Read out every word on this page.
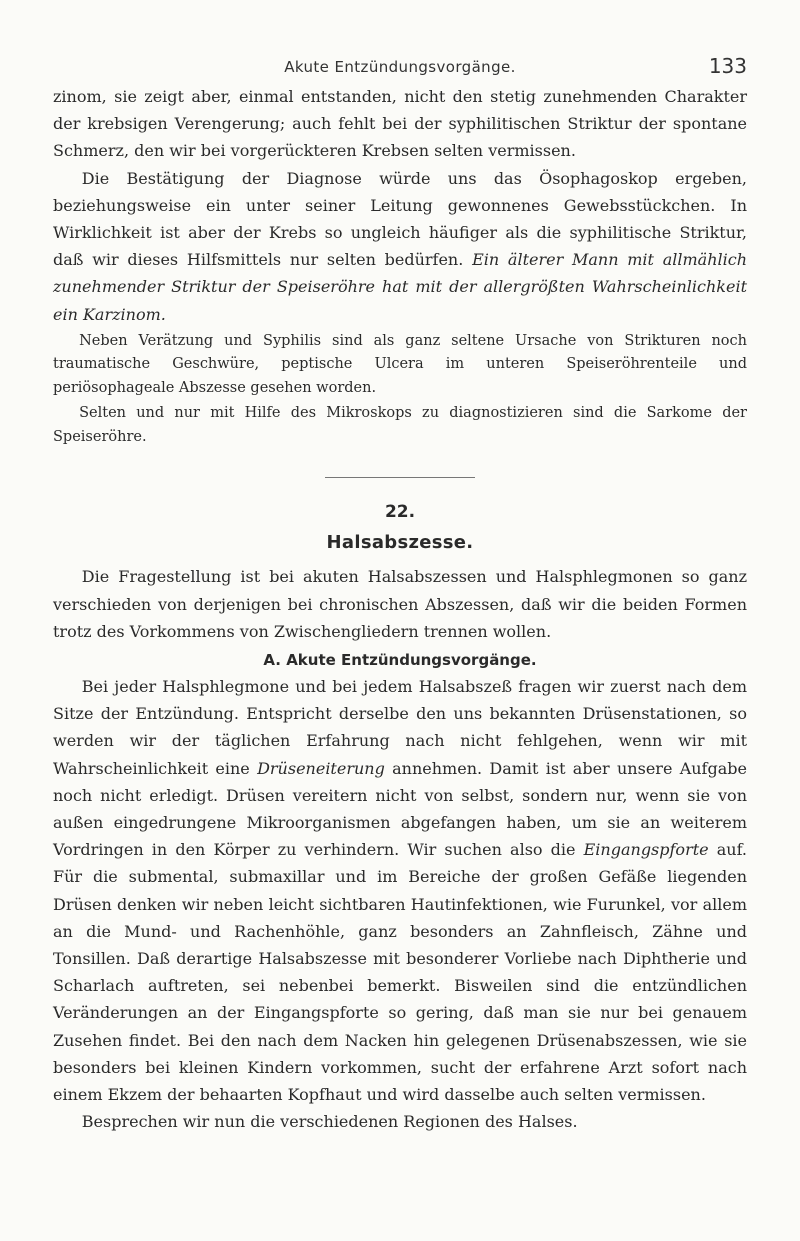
Akute Entzündungsvorgänge.	133

zinom, sie zeigt aber, einmal entstanden, nicht den stetig zunehmenden Charakter der krebsigen Verengerung; auch fehlt bei der syphilitischen Striktur der spontane Schmerz, den wir bei vorgerückteren Krebsen selten vermissen.

Die Bestätigung der Diagnose würde uns das Ösophagoskop ergeben, beziehungsweise ein unter seiner Leitung gewonnenes Gewebsstückchen. In Wirklichkeit ist aber der Krebs so ungleich häufiger als die syphilitische Striktur, daß wir dieses Hilfsmittels nur selten bedürfen. Ein älterer Mann mit allmählich zunehmender Striktur der Speiseröhre hat mit der allergrößten Wahrscheinlichkeit ein Karzinom.

Neben Verätzung und Syphilis sind als ganz seltene Ursache von Strikturen noch traumatische Geschwüre, peptische Ulcera im unteren Speiseröhrenteile und periösophageale Abszesse gesehen worden.

Selten und nur mit Hilfe des Mikroskops zu diagnostizieren sind die Sarkome der Speiseröhre.

22.
Halsabszesse.

Die Fragestellung ist bei akuten Halsabszessen und Halsphlegmonen so ganz verschieden von derjenigen bei chronischen Abszessen, daß wir die beiden Formen trotz des Vorkommens von Zwischengliedern trennen wollen.

A. Akute Entzündungsvorgänge.

Bei jeder Halsphlegmone und bei jedem Halsabszeß fragen wir zuerst nach dem Sitze der Entzündung. Entspricht derselbe den uns bekannten Drüsenstationen, so werden wir der täglichen Erfahrung nach nicht fehlgehen, wenn wir mit Wahrscheinlichkeit eine Drüseneiterung annehmen. Damit ist aber unsere Aufgabe noch nicht erledigt. Drüsen vereitern nicht von selbst, sondern nur, wenn sie von außen eingedrungene Mikroorganismen abgefangen haben, um sie an weiterem Vordringen in den Körper zu verhindern. Wir suchen also die Eingangspforte auf. Für die submental, submaxillar und im Bereiche der großen Gefäße liegenden Drüsen denken wir neben leicht sichtbaren Hautinfektionen, wie Furunkel, vor allem an die Mund- und Rachenhöhle, ganz besonders an Zahnfleisch, Zähne und Tonsillen. Daß derartige Halsabszesse mit besonderer Vorliebe nach Diphtherie und Scharlach auftreten, sei nebenbei bemerkt. Bisweilen sind die entzündlichen Veränderungen an der Eingangspforte so gering, daß man sie nur bei genauem Zusehen findet. Bei den nach dem Nacken hin gelegenen Drüsenabszessen, wie sie besonders bei kleinen Kindern vorkommen, sucht der erfahrene Arzt sofort nach einem Ekzem der behaarten Kopfhaut und wird dasselbe auch selten vermissen.

Besprechen wir nun die verschiedenen Regionen des Halses.
